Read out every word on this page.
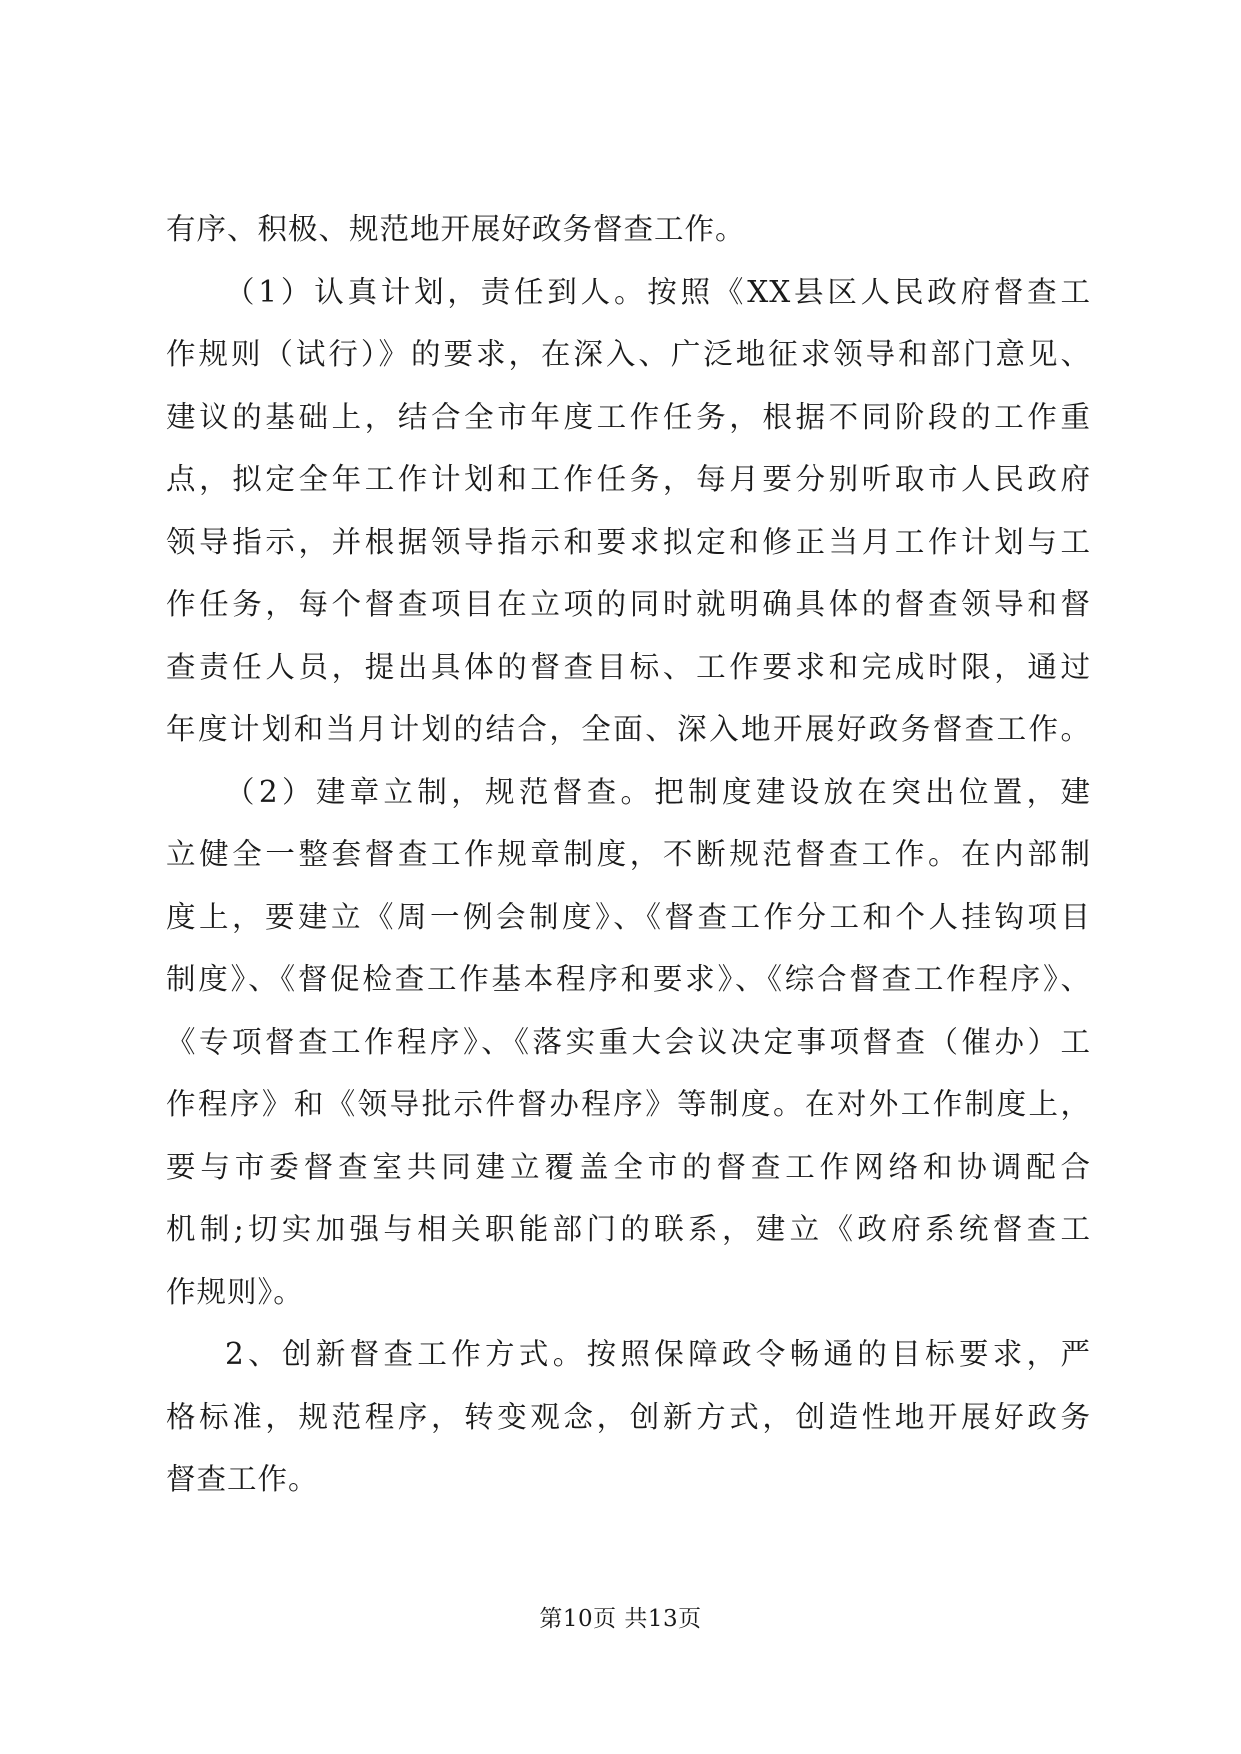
有序、积极、规范地开展好政务督查工作。
（1）认真计划，责任到人。按照《XX县区人民政府督查工
作规则（试行）》的要求，在深入、广泛地征求领导和部门意见、
建议的基础上，结合全市年度工作任务，根据不同阶段的工作重
点，拟定全年工作计划和工作任务，每月要分别听取市人民政府
领导指示，并根据领导指示和要求拟定和修正当月工作计划与工
作任务，每个督查项目在立项的同时就明确具体的督查领导和督
查责任人员，提出具体的督查目标、工作要求和完成时限，通过
年度计划和当月计划的结合，全面、深入地开展好政务督查工作。
（2）建章立制，规范督查。把制度建设放在突出位置，建
立健全一整套督查工作规章制度，不断规范督查工作。在内部制
度上，要建立《周一例会制度》、《督查工作分工和个人挂钩项目
制度》、《督促检查工作基本程序和要求》、《综合督查工作程序》、
《专项督查工作程序》、《落实重大会议决定事项督查（催办）工
作程序》和《领导批示件督办程序》等制度。在对外工作制度上，
要与市委督查室共同建立覆盖全市的督查工作网络和协调配合
机制;切实加强与相关职能部门的联系，建立《政府系统督查工
作规则》。
2、创新督查工作方式。按照保障政令畅通的目标要求，严
格标准，规范程序，转变观念，创新方式，创造性地开展好政务
督查工作。
第10页 共13页
